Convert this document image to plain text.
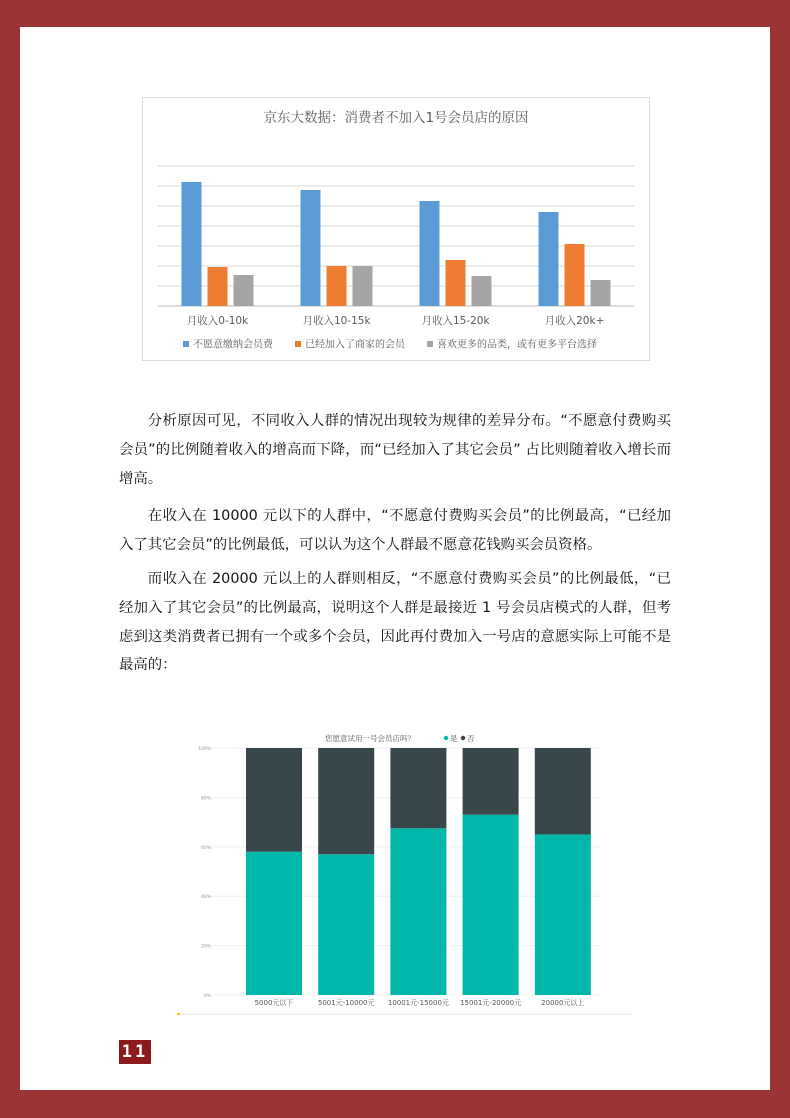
京东大数据：消费者不加入1号会员店的原因
月收入0-10k	月收入10-15k	月收入15-20k	月收入20k+
不愿意缴纳会员费	已经加入了商家的会员	喜欢更多的品类，或有更多平台选择

分析原因可见，不同收入人群的情况出现较为规律的差异分布。“不愿意付费购买会员”的比例随着收入的增高而下降，而“已经加入了其它会员” 占比则随着收入增长而增高。

在收入在 10000 元以下的人群中，“不愿意付费购买会员”的比例最高，“已经加入了其它会员”的比例最低，可以认为这个人群最不愿意花钱购买会员资格。

而收入在 20000 元以上的人群则相反，“不愿意付费购买会员”的比例最低，“已经加入了其它会员”的比例最高，说明这个人群是最接近 1 号会员店模式的人群，但考虑到这类消费者已拥有一个或多个会员，因此再付费加入一号店的意愿实际上可能不是最高的：

您愿意试用一号会员店吗？	是 否
0%
20%
40%
60%
80%
100%
5000元以下	5001元-10000元 10001元-15000元 15001元-20000元	20000元以上
11
